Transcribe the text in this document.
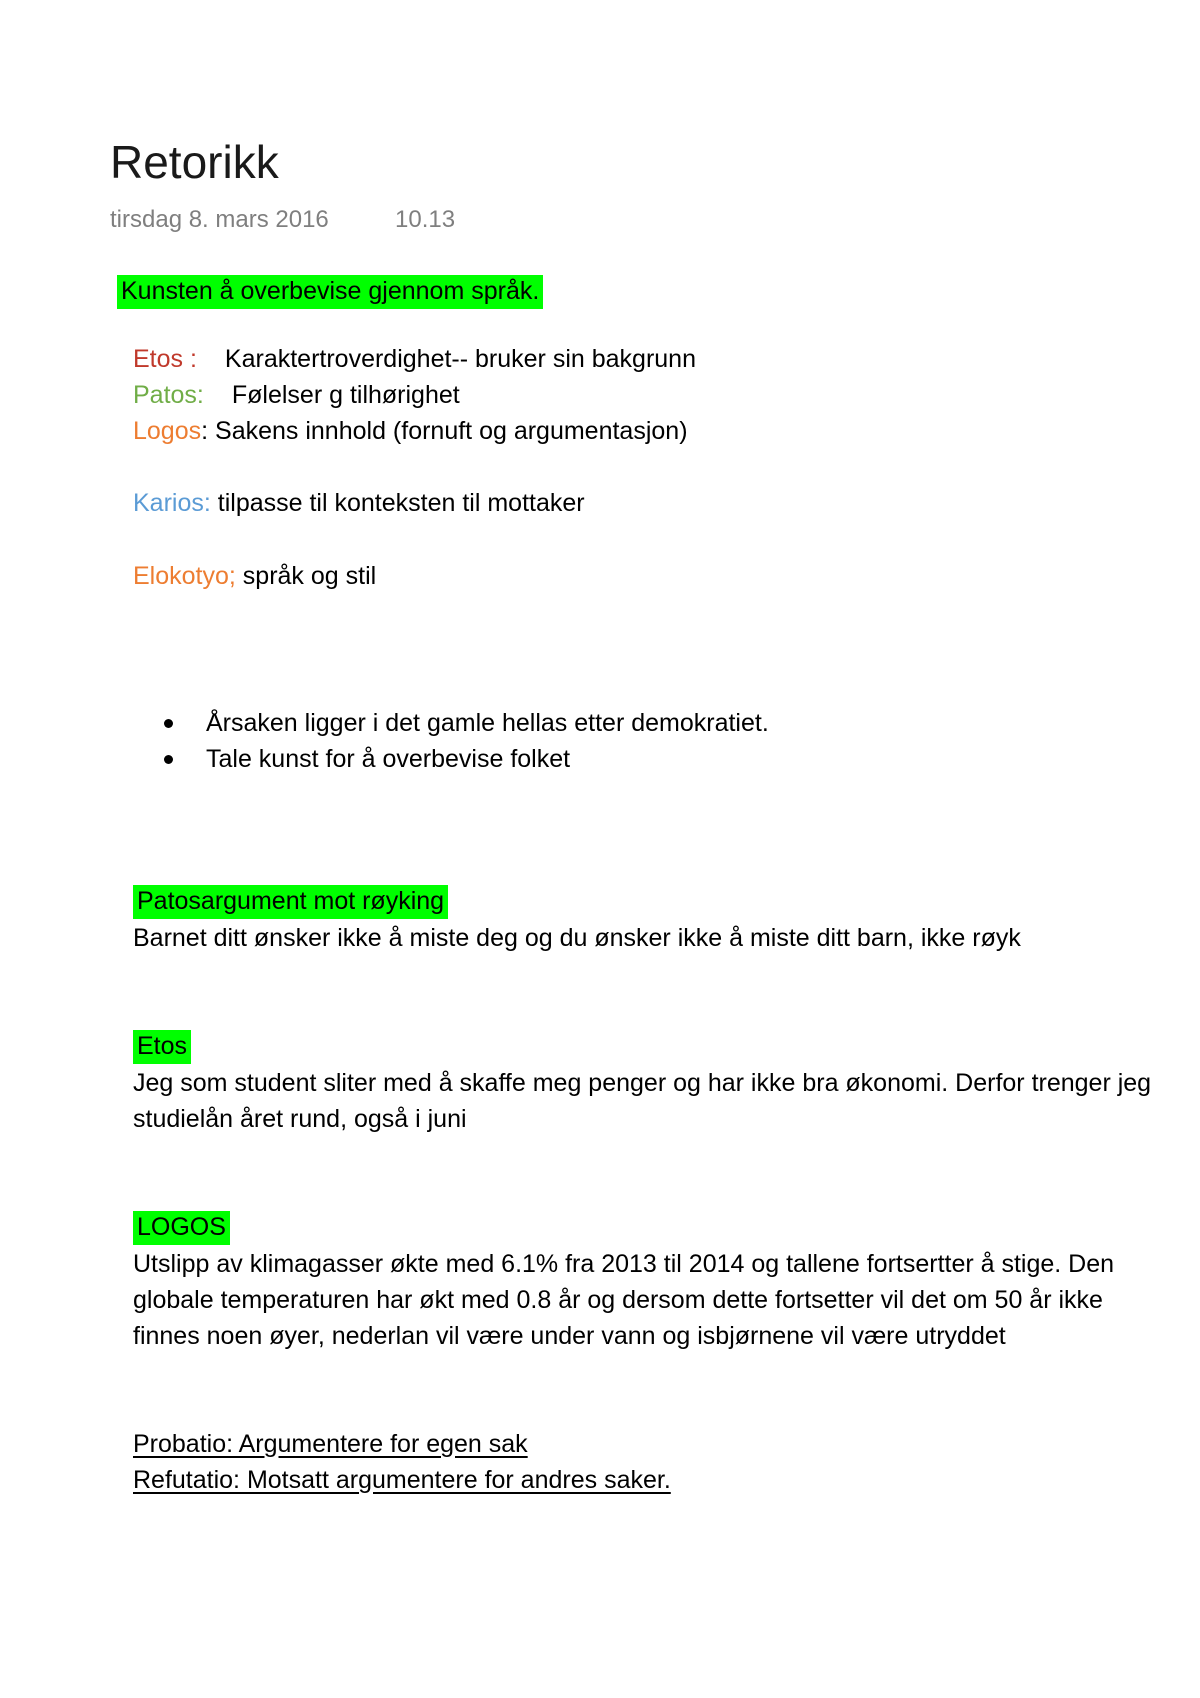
Retorikk
tirsdag 8. mars 2016	10.13
Kunsten å overbevise gjennom språk.
Etos : Karaktertroverdighet-- bruker sin bakgrunn
Patos: Følelser g tilhørighet
Logos: Sakens innhold (fornuft og argumentasjon)
Karios: tilpasse til konteksten til mottaker
Elokotyo; språk og stil
Årsaken ligger i det gamle hellas etter demokratiet.
Tale kunst for å overbevise folket
Patosargument mot røyking
Barnet ditt ønsker ikke å miste deg og du ønsker ikke å miste ditt barn, ikke røyk
Etos
Jeg som student sliter med å skaffe meg penger og har ikke bra økonomi. Derfor trenger jeg
studielån året rund, også i juni
LOGOS
Utslipp av klimagasser økte med 6.1% fra 2013 til 2014 og tallene fortsertter å stige. Den
globale temperaturen har økt med 0.8 år og dersom dette fortsetter vil det om 50 år ikke
finnes noen øyer, nederlan vil være under vann og isbjørnene vil være utryddet
Probatio: Argumentere for egen sak
Refutatio: Motsatt argumentere for andres saker.
